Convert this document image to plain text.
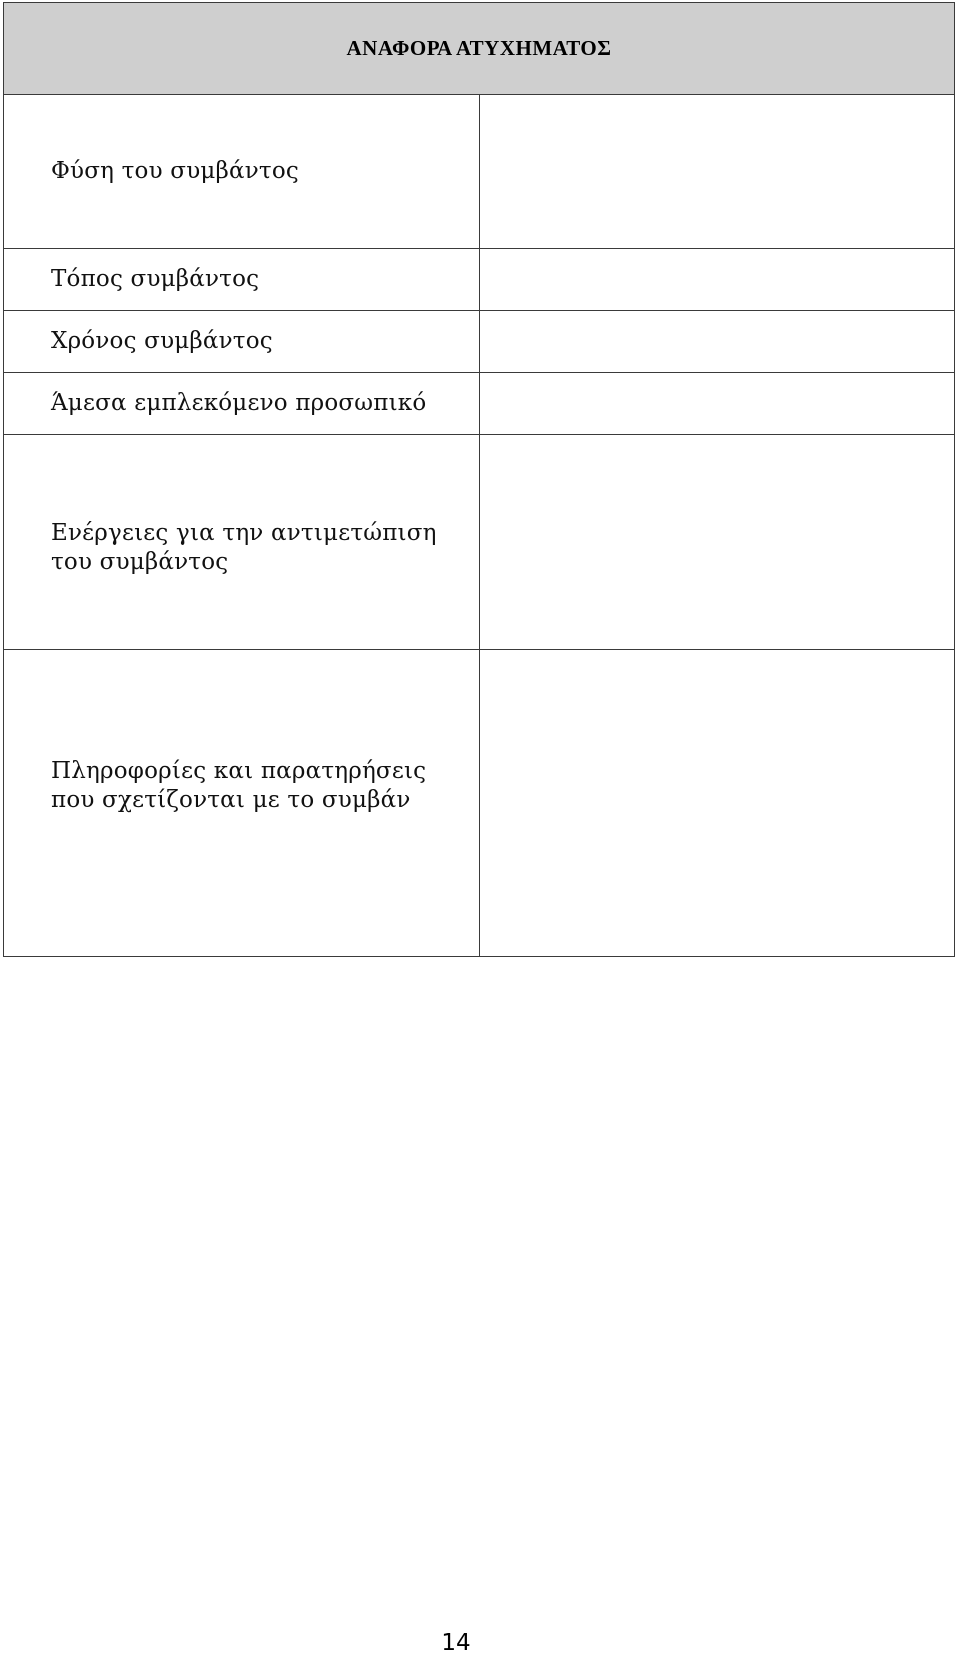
ΑΝΑΦΟΡΑ ΑΤΥΧΗΜΑΤΟΣ	
Φύση του συμβάντος	
Τόπος συμβάντος	
Χρόνος συμβάντος	
Άμεσα εμπλεκόμενο προσωπικό	
Ενέργειες για την αντιμετώπιση
του συμβάντος	
Πληροφορίες και παρατηρήσεις
που σχετίζονται με το συμβάν	
14
